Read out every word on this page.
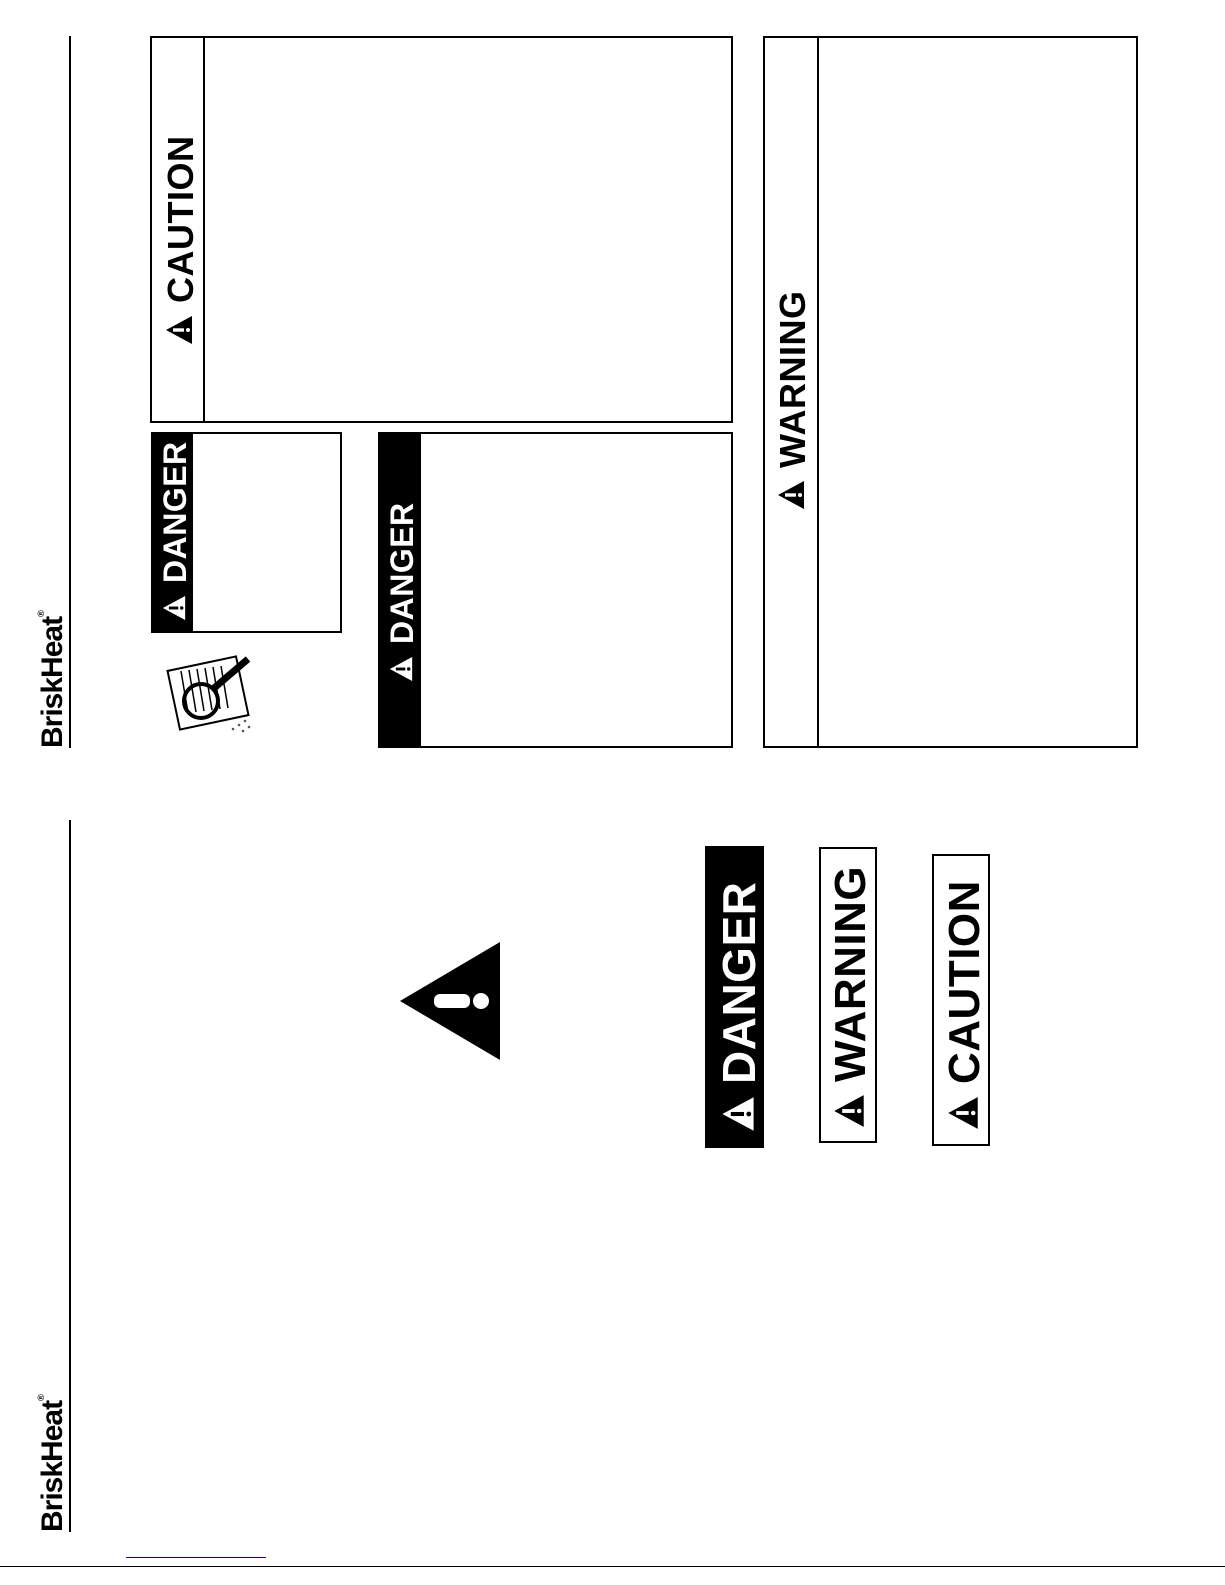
BriskHeat®
CAUTION
DANGER	DANGER
WARNING
BriskHeat®
DANGER WARNING CAUTION
